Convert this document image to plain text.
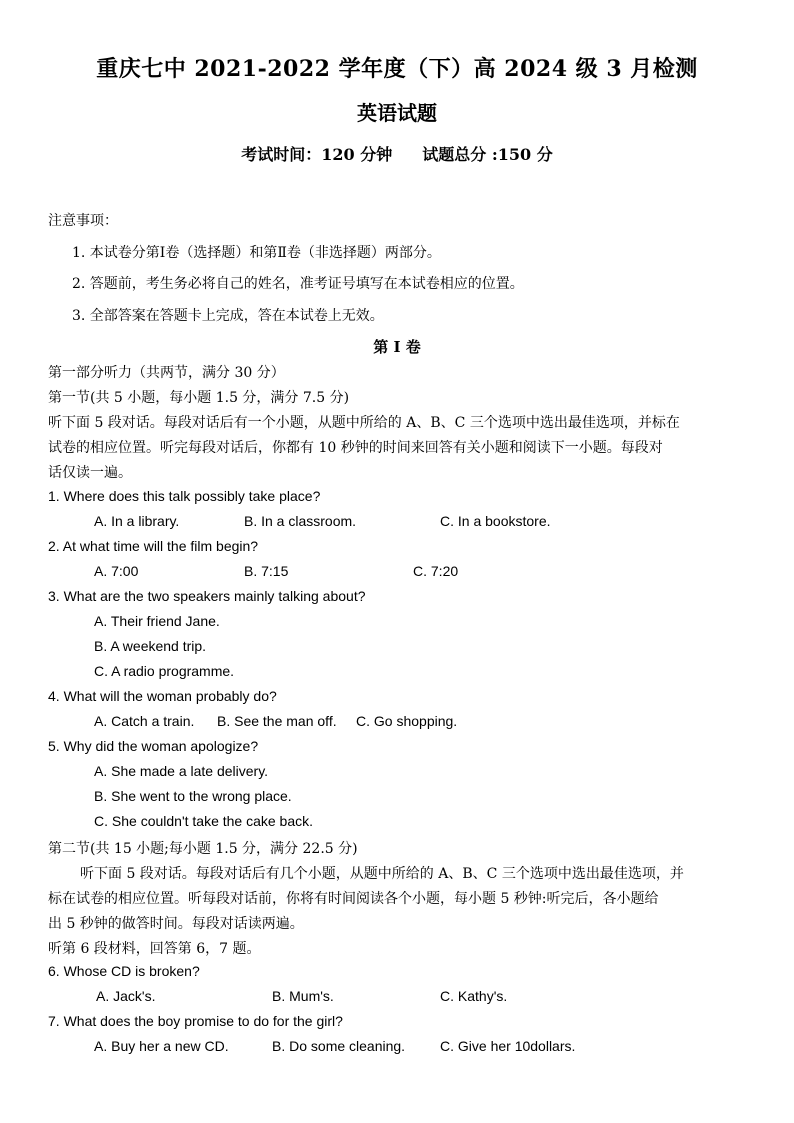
重庆七中 2021-2022 学年度（下）高 2024 级 3 月检测
英语试题
考试时间：120 分钟 试题总分 :150 分
注意事项：
1. 本试卷分第Ⅰ卷（选择题）和第Ⅱ卷（非选择题）两部分。
2. 答题前，考生务必将自己的姓名，准考证号填写在本试卷相应的位置。
3. 全部答案在答题卡上完成，答在本试卷上无效。
第 I 卷
第一部分听力（共两节，满分 30 分）
第一节(共 5 小题，每小题 1.5 分，满分 7.5 分)
听下面 5 段对话。每段对话后有一个小题，从题中所给的 A、B、C 三个选项中选出最佳选项，并标在
试卷的相应位置。听完每段对话后，你都有 10 秒钟的时间来回答有关小题和阅读下一小题。每段对
话仅读一遍。
1. Where does this talk possibly take place?
A. In a library.	B. In a classroom.	C. In a bookstore.
2. At what time will the film begin?
A. 7:00	B. 7:15	C. 7:20
3. What are the two speakers mainly talking about?
A. Their friend Jane.
B. A weekend trip.
C. A radio programme.
4. What will the woman probably do?
A. Catch a train. B. See the man off. C. Go shopping.
5. Why did the woman apologize?
A. She made a late delivery.
B. She went to the wrong place.
C. She couldn't take the cake back.
第二节(共 15 小题;每小题 1.5 分，满分 22.5 分)
听下面 5 段对话。每段对话后有几个小题，从题中所给的 A、B、C 三个选项中选出最佳选项，并
标在试卷的相应位置。听每段对话前，你将有时间阅读各个小题，每小题 5 秒钟:听完后，各小题给
出 5 秒钟的做答时间。每段对话读两遍。
听第 6 段材料，回答第 6，7 题。
6. Whose CD is broken?
A. Jack's.	B. Mum's.	C. Kathy's.
7. What does the boy promise to do for the girl?
A. Buy her a new CD.	B. Do some cleaning. C. Give her 10dollars.
